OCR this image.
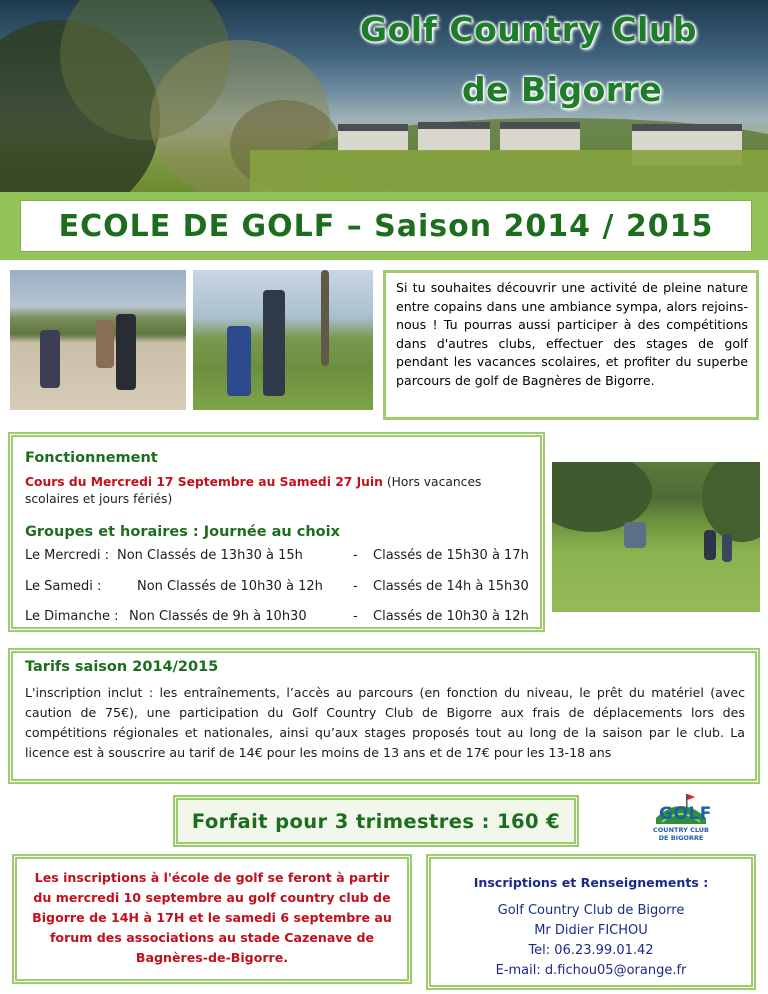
Golf Country Club
de Bigorre
ECOLE DE GOLF – Saison 2014 / 2015
Si tu souhaites découvrir une activité de pleine nature entre copains dans une ambiance sympa, alors rejoins-nous ! Tu pourras aussi participer à des compétitions dans d'autres clubs, effectuer des stages de golf pendant les vacances scolaires, et profiter du superbe parcours de golf de Bagnères de Bigorre.
Fonctionnement
Cours du Mercredi 17 Septembre au Samedi 27 Juin (Hors vacances
scolaires et jours fériés)
Groupes et horaires : Journée au choix
Le Mercredi : Non Classés de 13h30 à 15h	- Classés de 15h30 à 17h
Le Samedi :	Non Classés de 10h30 à 12h - Classés de 14h à 15h30
Le Dimanche : Non Classés de 9h à 10h30	- Classés de 10h30 à 12h
Tarifs saison 2014/2015
L'inscription inclut : les entraînements, l’accès au parcours (en fonction du niveau, le prêt du matériel (avec caution de 75€), une participation du Golf Country Club de Bigorre aux frais de déplacements lors des compétitions régionales et nationales, ainsi qu’aux stages proposés tout au long de la saison par le club. La licence est à souscrire au tarif de 14€ pour les moins de 13 ans et de 17€ pour les 13-18 ans
Forfait pour 3 trimestres : 160 €	GOLF
COUNTRY CLUB
DE BIGORRE
Les inscriptions à l'école de golf se feront à partir du mercredi 10 septembre au golf country club de Bigorre de 14H à 17H et le samedi 6 septembre au forum des associations au stade Cazenave de Bagnères-de-Bigorre.
Inscriptions et Renseignements :
Golf Country Club de Bigorre
Mr Didier FICHOU
Tel: 06.23.99.01.42
E-mail: d.fichou05@orange.fr
